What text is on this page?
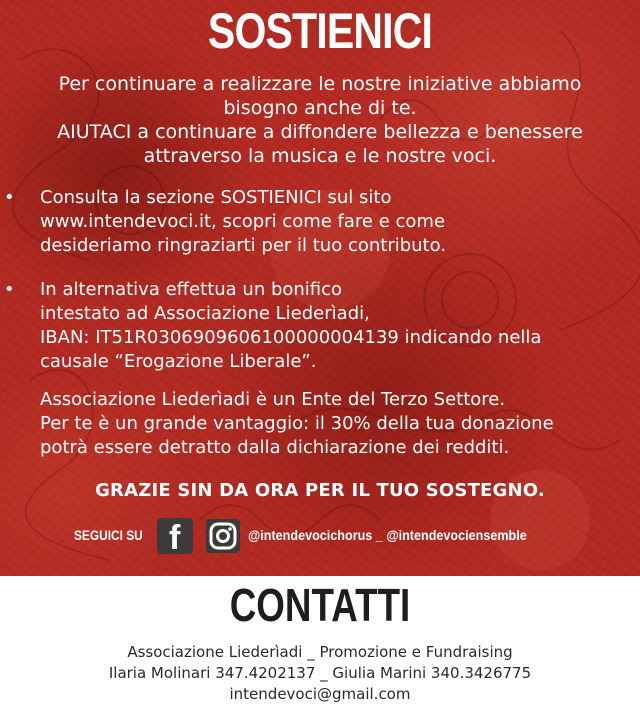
SOSTIENICI

Per continuare a realizzare le nostre iniziative abbiamo

bisogno anche di te.

AIUTACI a continuare a diffondere bellezza e benessere

attraverso la musica e le nostre voci.

• Consulta la sezione SOSTIENICI sul sito
www.intendevoci.it, scopri come fare e come
desideriamo ringraziarti per il tuo contributo.

• In alternativa effettua un bonifico
intestato ad Associazione Liederìadi,
IBAN: IT51R0306909606100000004139 indicando nella
causale “Erogazione Liberale”.

Associazione Liederìadi è un Ente del Terzo Settore.
Per te è un grande vantaggio: il 30% della tua donazione
potrà essere detratto dalla dichiarazione dei redditi.

GRAZIE SIN DA ORA PER IL TUO SOSTEGNO.

SEGUICI SU f	@intendevocichorus _ @intendevociensemble
CONTATTI
Associazione Liederìadi _ Promozione e Fundraising
Ilaria Molinari 347.4202137 _ Giulia Marini 340.3426775
intendevoci@gmail.com
